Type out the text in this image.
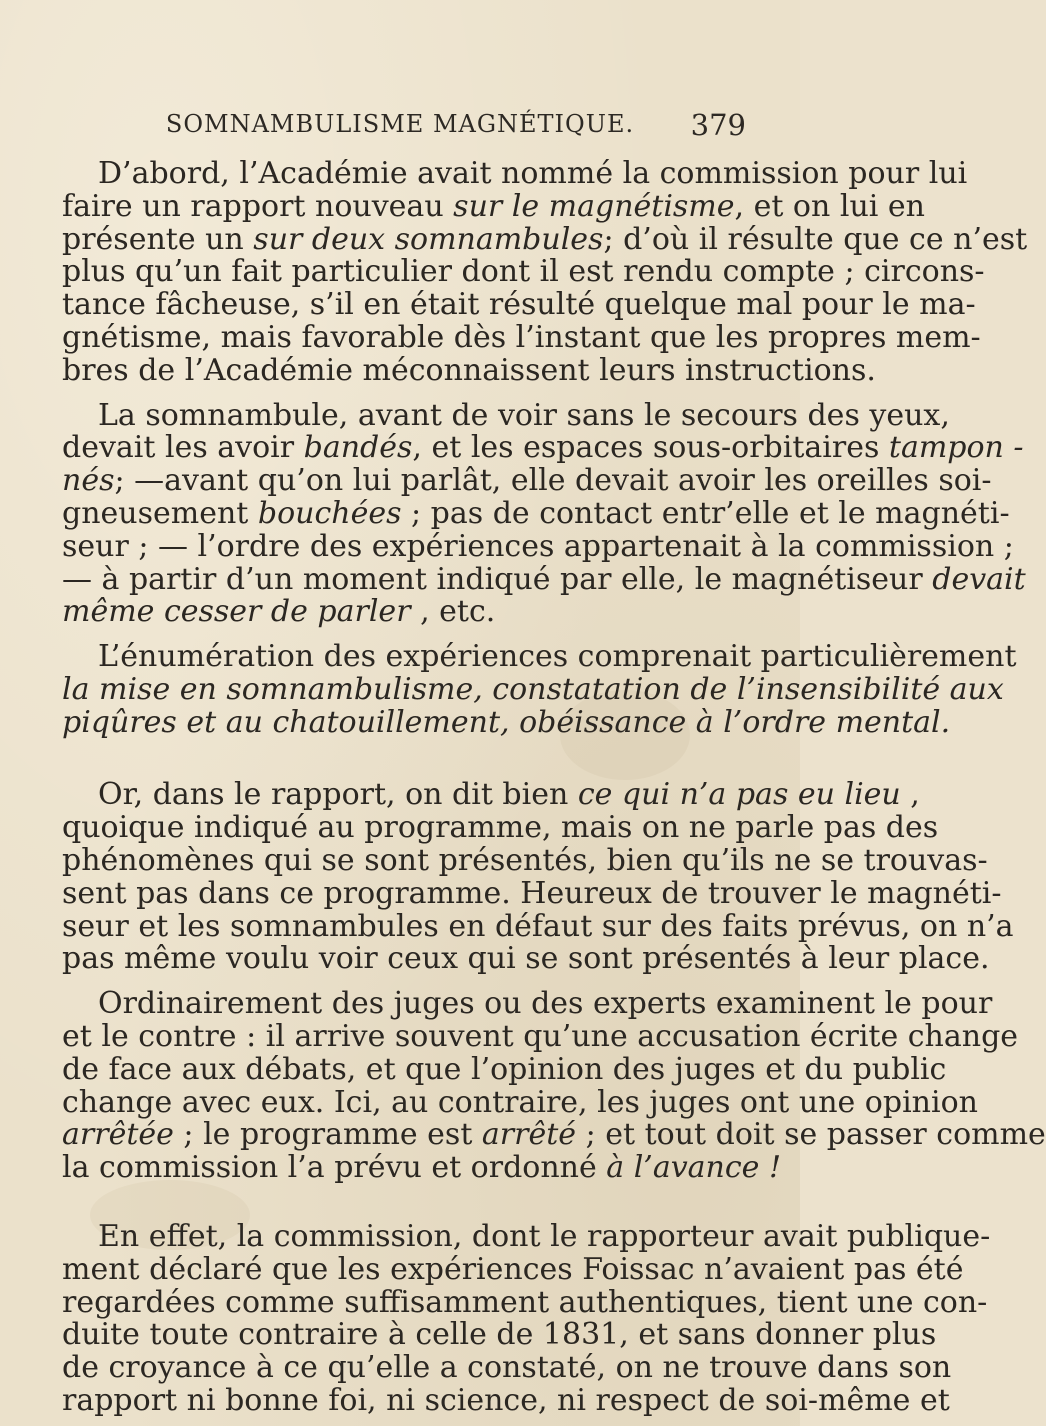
SOMNAMBULISME MAGNÉTIQUE.	379
D’abord, l’Académie avait nommé la commission pour lui
faire un rapport nouveau sur le magnétisme, et on lui en
présente un sur deux somnambules; d’où il résulte que ce n’est
plus qu’un fait particulier dont il est rendu compte ; circons-
tance fâcheuse, s’il en était résulté quelque mal pour le ma-
gnétisme, mais favorable dès l’instant que les propres mem-
bres de l’Académie méconnaissent leurs instructions.
La somnambule, avant de voir sans le secours des yeux,
devait les avoir bandés, et les espaces sous-orbitaires tampon -
nés; —avant qu’on lui parlât, elle devait avoir les oreilles soi-
gneusement bouchées ; pas de contact entr’elle et le magnéti-
seur ; — l’ordre des expériences appartenait à la commission ;
— à partir d’un moment indiqué par elle, le magnétiseur devait
même cesser de parler , etc.
L’énumération des expériences comprenait particulièrement
la mise en somnambulisme, constatation de l’insensibilité aux
piqûres et au chatouillement, obéissance à l’ordre mental.
Or, dans le rapport, on dit bien ce qui n’a pas eu lieu ,
quoique indiqué au programme, mais on ne parle pas des
phénomènes qui se sont présentés, bien qu’ils ne se trouvas-
sent pas dans ce programme. Heureux de trouver le magnéti-
seur et les somnambules en défaut sur des faits prévus, on n’a
pas même voulu voir ceux qui se sont présentés à leur place.
Ordinairement des juges ou des experts examinent le pour
et le contre : il arrive souvent qu’une accusation écrite change
de face aux débats, et que l’opinion des juges et du public
change avec eux. Ici, au contraire, les juges ont une opinion
arrêtée ; le programme est arrêté ; et tout doit se passer comme
la commission l’a prévu et ordonné à l’avance !
En effet, la commission, dont le rapporteur avait publique-
ment déclaré que les expériences Foissac n’avaient pas été
regardées comme suffisamment authentiques, tient une con-
duite toute contraire à celle de 1831, et sans donner plus
de croyance à ce qu’elle a constaté, on ne trouve dans son
rapport ni bonne foi, ni science, ni respect de soi-même et
